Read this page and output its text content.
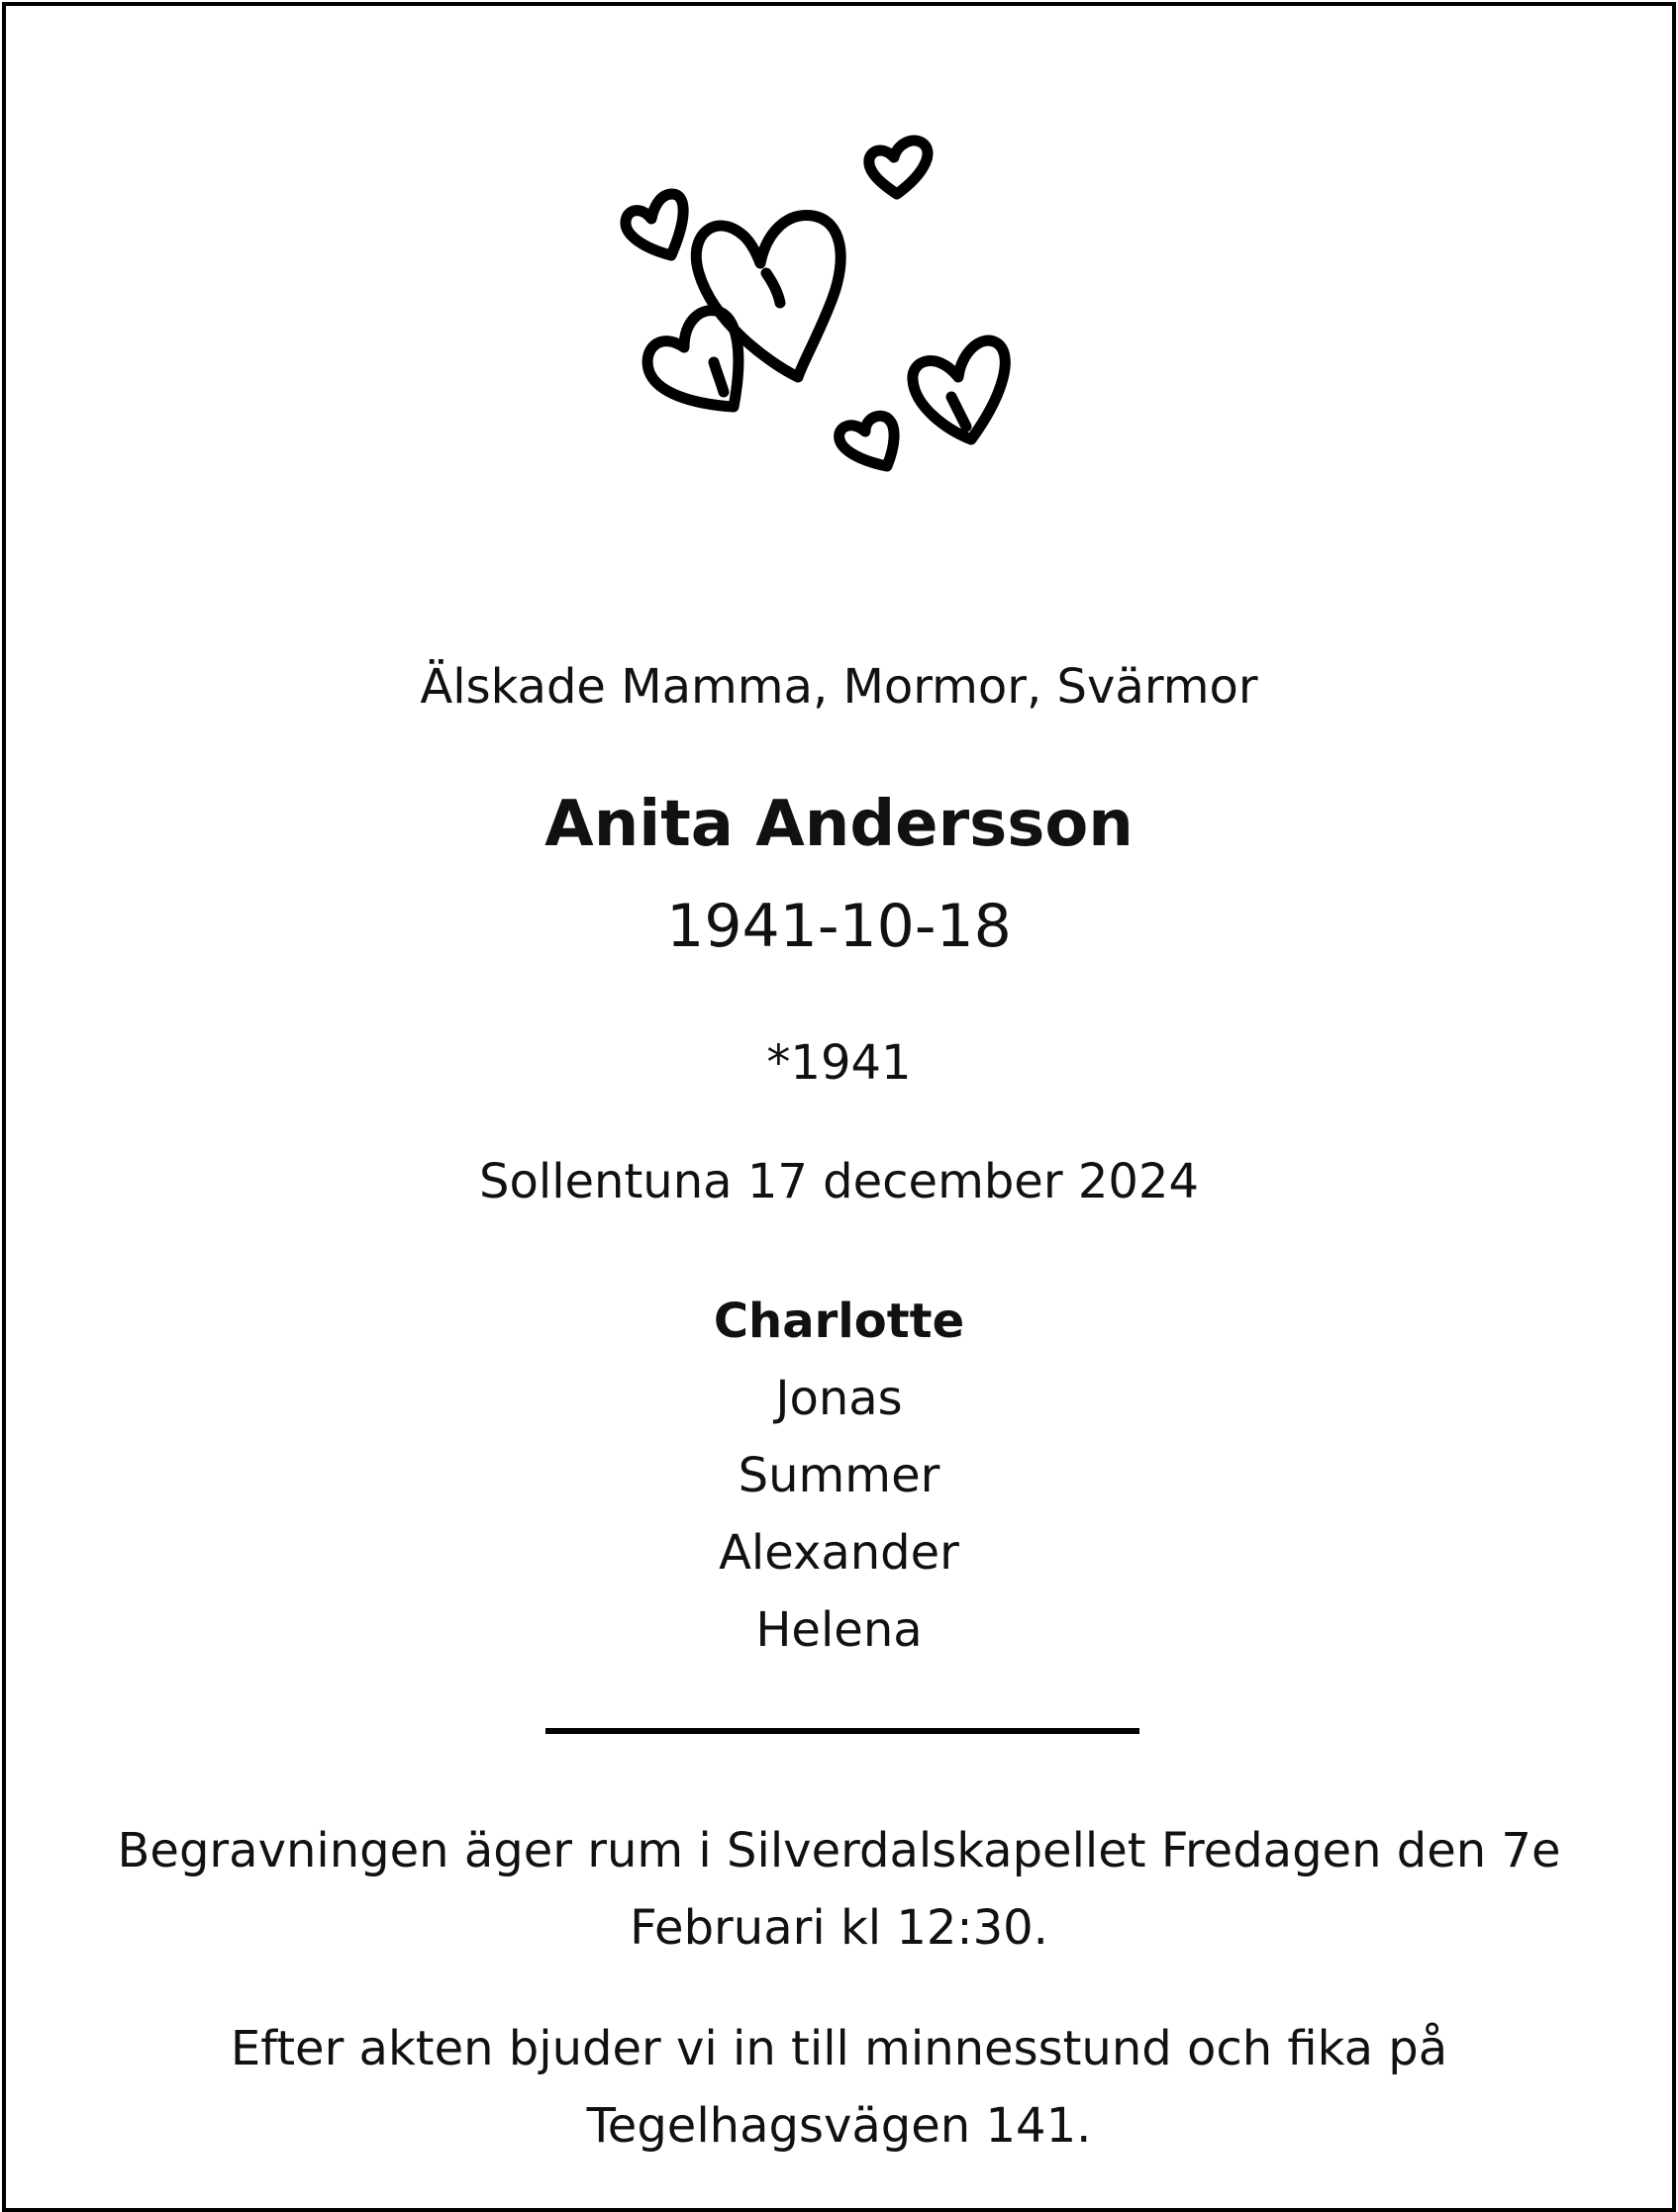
Älskade Mamma, Mormor, Svärmor
Anita Andersson
1941-10-18
*1941
Sollentuna 17 december 2024
Charlotte
Jonas
Summer
Alexander
Helena
Begravningen äger rum i Silverdalskapellet Fredagen den 7e Februari kl 12:30.
Efter akten bjuder vi in till minnesstund och fika på Tegelhagsvägen 141.
